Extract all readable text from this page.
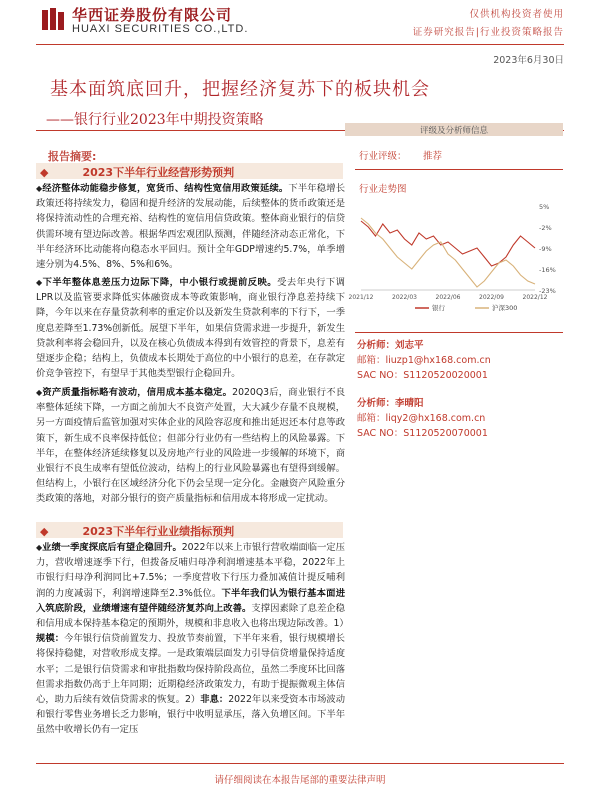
华西证券股份有限公司
HUAXI SECURITIES CO.,LTD.
仅供机构投资者使用
证券研究报告|行业投资策略报告
2023年6月30日
基本面筑底回升，把握经济复苏下的板块机会
——银行行业2023年中期投资策略
报告摘要:
◆	2023下半年行业经营形势预判
◆经济整体动能稳步修复，宽货币、结构性宽信用政策延续。下半年稳增长政策还将持续发力，稳固和提升经济的发展动能，后续整体的货币政策还是将保持流动性的合理充裕、结构性的宽信用信贷政策。整体商业银行的信贷供需环境有望边际改善。根据华西宏观团队预测，伴随经济动态正常化，下半年经济环比动能将向稳态水平回归。预计全年GDP增速约5.7%，单季增速分别为4.5%、8%、5%和6%。
◆下半年整体息差压力边际下降，中小银行或提前反映。受去年央行下调LPR以及监管要求降低实体融资成本等政策影响，商业银行净息差持续下降，今年以来在存量贷款利率的重定价以及新发生贷款利率的下行下，一季度息差降至1.73%创新低。展望下半年，如果信贷需求进一步提升，新发生贷款利率将会稳回升，以及在核心负债成本得到有效管控的背景下，息差有望逐步企稳；结构上，负债成本长期处于高位的中小银行的息差，在存款定价竞争管控下，有望早于其他类型银行企稳回升。
◆资产质量指标略有波动，信用成本基本稳定。2020Q3后，商业银行不良率整体延续下降，一方面之前加大不良资产处置，大大减少存量不良规模，另一方面疫情后监管加强对实体企业的风险容忍度和推出延迟还本付息等政策下，新生成不良率保持低位；但部分行业仍有一些结构上的风险暴露。下半年，在整体经济延续修复以及房地产行业的风险进一步缓解的环境下，商业银行不良生成率有望低位波动，结构上的行业风险暴露也有望得到缓解。但结构上，小银行在区域经济分化下仍会呈现一定分化。金融资产风险重分类政策的落地，对部分银行的资产质量指标和信用成本将形成一定扰动。
◆	2023下半年行业业绩指标预判
◆业绩一季度探底后有望企稳回升。2022年以来上市银行营收端面临一定压力，营收增速逐季下行，但拨备反哺归母净利润增速基本平稳，2022年上市银行归母净利润同比+7.5%；一季度营收下行压力叠加减值计提反哺利润的力度减弱下，利润增速降至2.3%低位。下半年我们认为银行基本面进入筑底阶段，业绩增速有望伴随经济复苏向上改善。支撑因素除了息差企稳和信用成本保持基本稳定的预期外，规模和非息收入也将出现边际改善。1）规模：今年银行信贷前置发力、投放节奏前置，下半年来看，银行规模增长将保持稳健，对营收形成支撑。一是政策端层面发力引导信贷增量保持适度水平；二是银行信贷需求和审批指数均保持阶段高位，虽然二季度环比回落但需求指数仍高于上年同期；近期稳经济政策发力，有助于提振微观主体信心，助力后续有效信贷需求的恢复。2）非息：2022年以来受资本市场波动和银行零售业务增长乏力影响，银行中收明显承压，落入负增区间。下半年虽然中收增长仍有一定压
评级及分析师信息
行业评级： 推荐
行业走势图
5%
-2%
-9%
-16%
-23%
2021/12	2022/03	2022/06	2022/09	2022/12
银行	沪深300
分析师：刘志平
邮箱：liuzp1@hx168.com.cn
SAC NO：S1120520020001
分析师：李晴阳
邮箱：liqy2@hx168.com.cn
SAC NO：S1120520070001
请仔细阅读在本报告尾部的重要法律声明
